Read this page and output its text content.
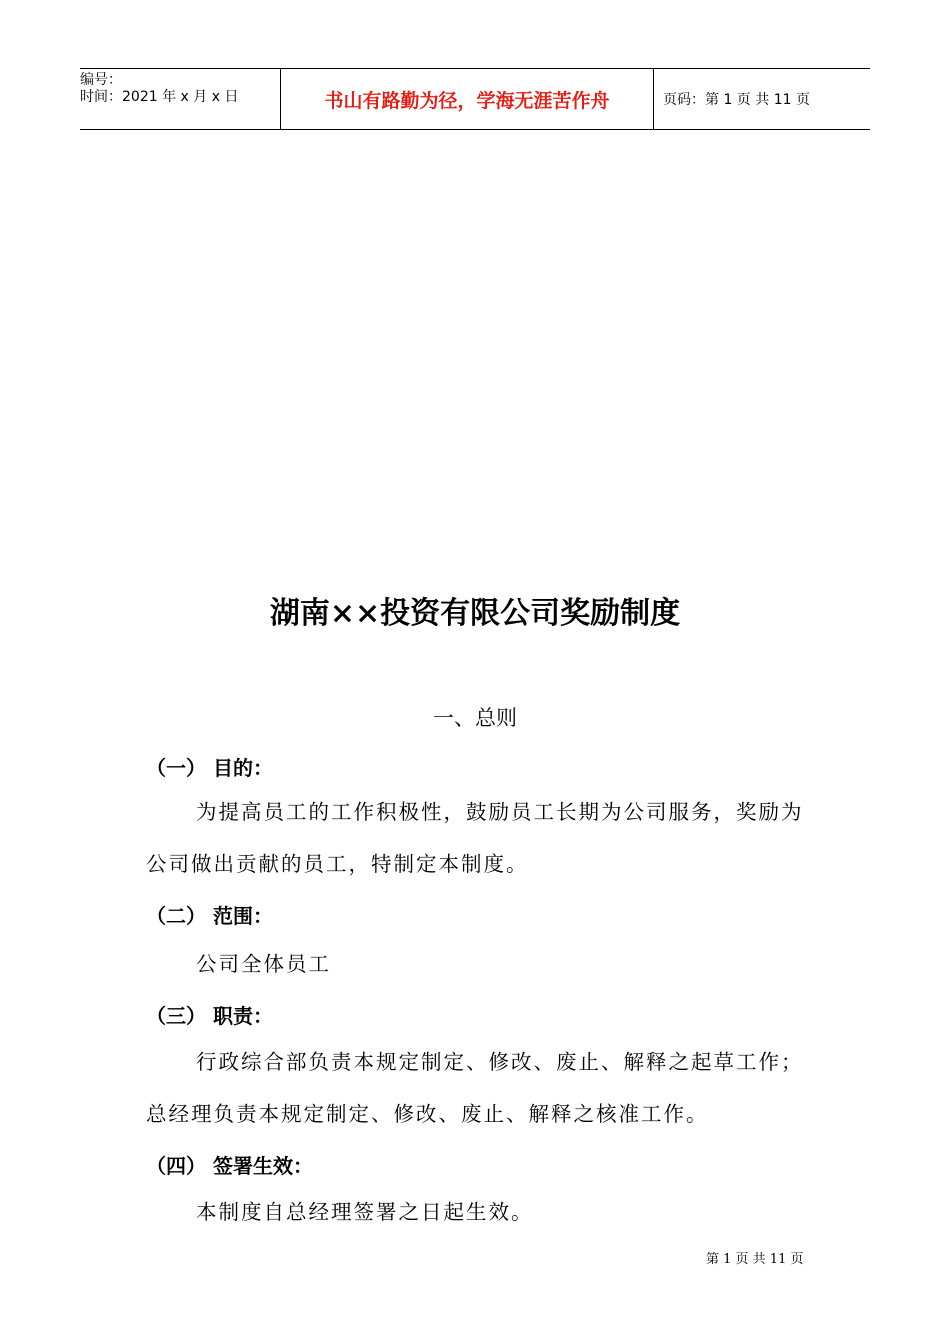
编号：
时间：2021 年 x 月 x 日	书山有路勤为径，学海无涯苦作舟	页码：第 1 页 共 11 页
湖南××投资有限公司奖励制度
一、总则
（一） 目的：
为提高员工的工作积极性，鼓励员工长期为公司服务，奖励为公司做出贡献的员工，特制定本制度。
（二） 范围：
公司全体员工
（三） 职责：
行政综合部负责本规定制定、修改、废止、解释之起草工作；总经理负责本规定制定、修改、废止、解释之核准工作。
（四） 签署生效：
本制度自总经理签署之日起生效。
第 1 页 共 11 页
